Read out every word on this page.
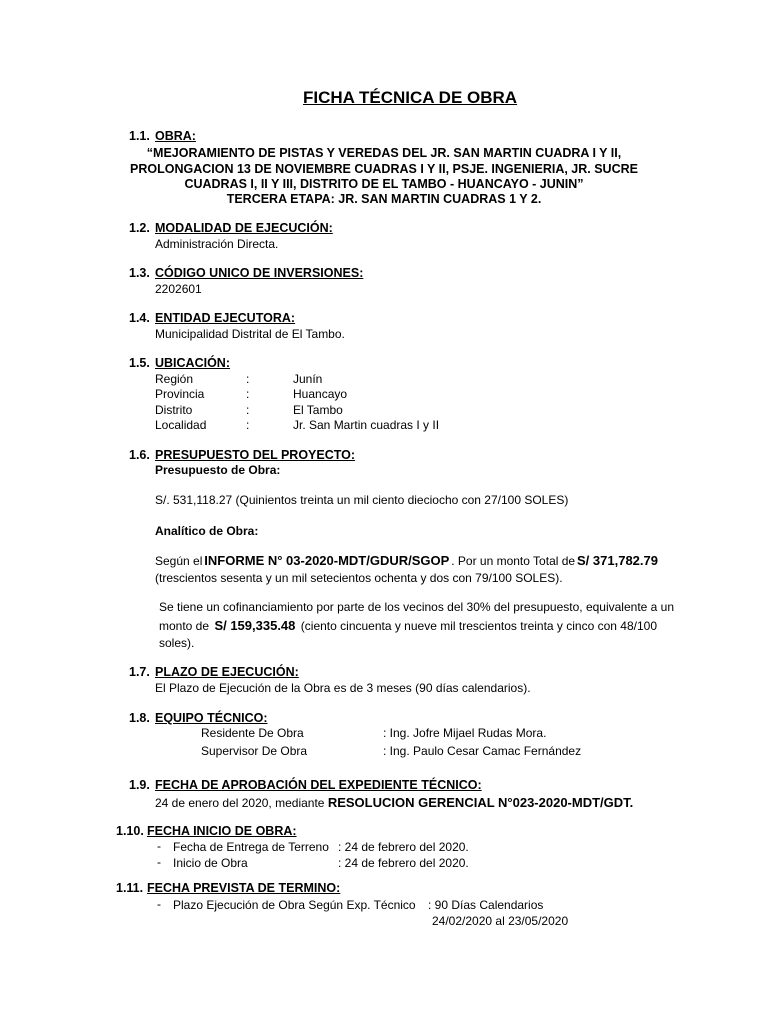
FICHA TÉCNICA DE OBRA
1.1. OBRA:
“MEJORAMIENTO DE PISTAS Y VEREDAS DEL JR. SAN MARTIN CUADRA I Y II,
PROLONGACION 13 DE NOVIEMBRE CUADRAS I Y II, PSJE. INGENIERIA, JR. SUCRE
CUADRAS I, II Y III, DISTRITO DE EL TAMBO - HUANCAYO - JUNIN”
TERCERA ETAPA: JR. SAN MARTIN CUADRAS 1 Y 2.
1.2. MODALIDAD DE EJECUCIÓN:
Administración Directa.
1.3. CÓDIGO UNICO DE INVERSIONES:
2202601
1.4. ENTIDAD EJECUTORA:
Municipalidad Distrital de El Tambo.
1.5. UBICACIÓN:
Región	:	Junín
Provincia	:	Huancayo
Distrito	:	El Tambo
Localidad	:	Jr. San Martin cuadras I y II
1.6. PRESUPUESTO DEL PROYECTO:
Presupuesto de Obra:
S/. 531,118.27 (Quinientos treinta un mil ciento dieciocho con 27/100 SOLES)
Analítico de Obra:
Según el INFORME N° 03-2020-MDT/GDUR/SGOP . Por un monto Total de S/ 371,782.79
(trescientos sesenta y un mil setecientos ochenta y dos con 79/100 SOLES).
Se tiene un cofinanciamiento por parte de los vecinos del 30% del presupuesto, equivalente a un
monto de S/ 159,335.48 (ciento cincuenta y nueve mil trescientos treinta y cinco con 48/100
soles).
1.7. PLAZO DE EJECUCIÓN:
El Plazo de Ejecución de la Obra es de 3 meses (90 días calendarios).
1.8. EQUIPO TÉCNICO:
Residente De Obra	: Ing. Jofre Mijael Rudas Mora.
Supervisor De Obra	: Ing. Paulo Cesar Camac Fernández
1.9. FECHA DE APROBACIÓN DEL EXPEDIENTE TÉCNICO:
24 de enero del 2020, mediante RESOLUCION GERENCIAL N°023-2020-MDT/GDT.
1.10. FECHA INICIO DE OBRA:
- Fecha de Entrega de Terreno : 24 de febrero del 2020.
- Inicio de Obra	: 24 de febrero del 2020.
1.11. FECHA PREVISTA DE TERMINO:
- Plazo Ejecución de Obra Según Exp. Técnico : 90 Días Calendarios
24/02/2020 al 23/05/2020
